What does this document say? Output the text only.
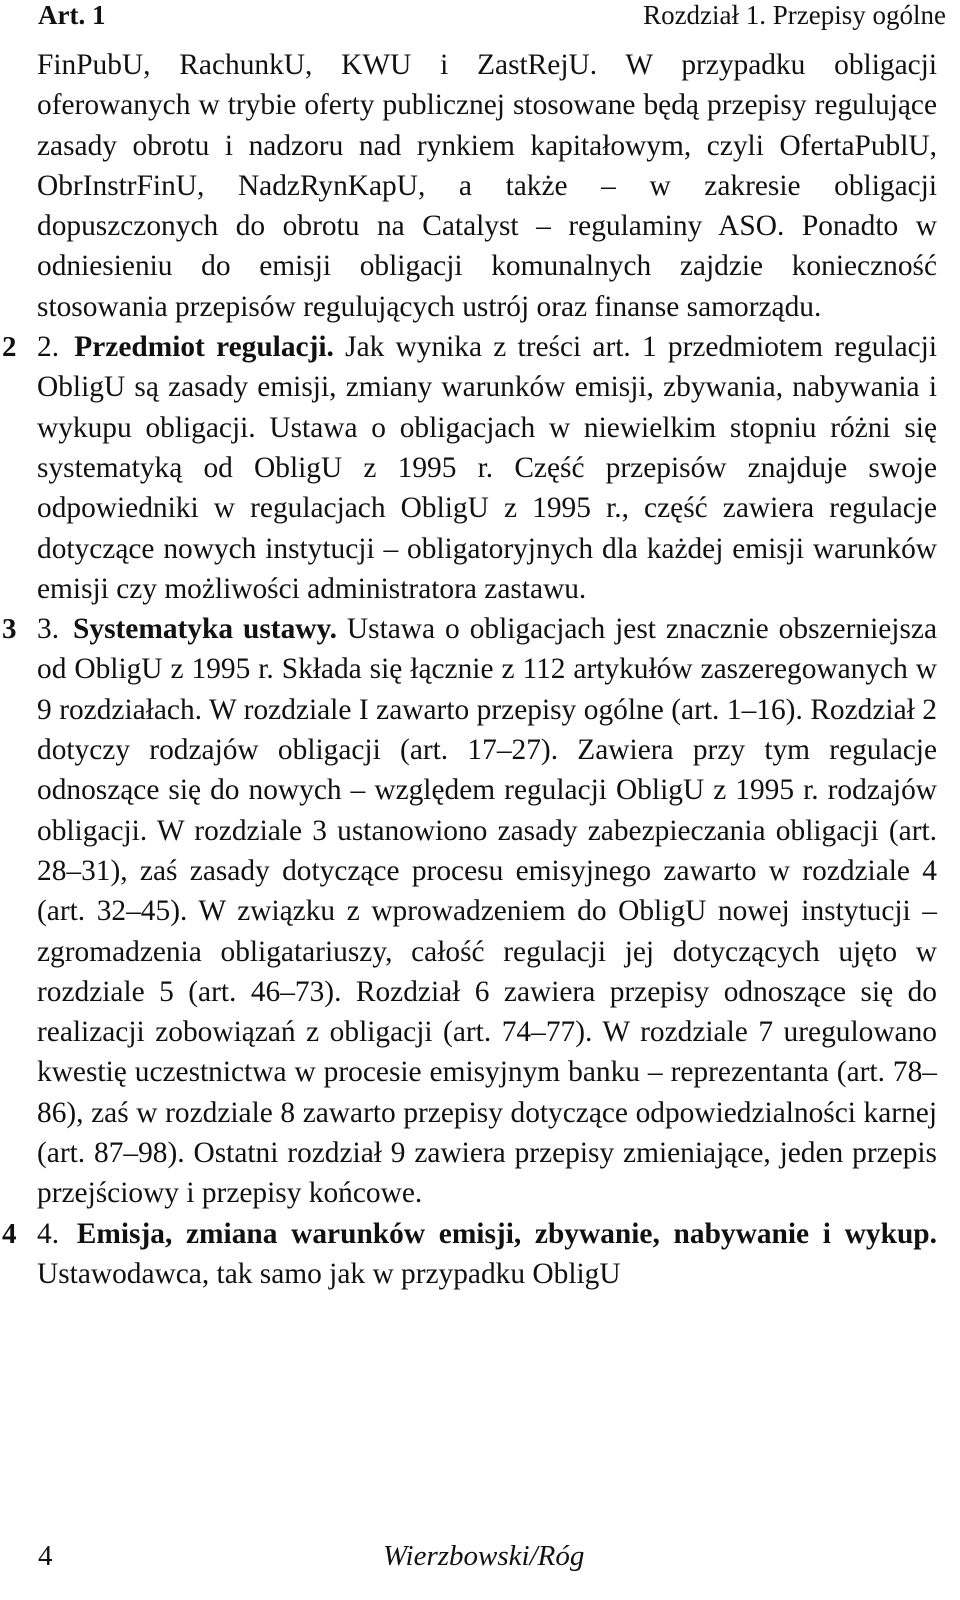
Art. 1	Rozdział 1. Przepisy ogólne

FinPubU, RachunkU, KWU i ZastRejU. W przypadku obligacji oferowanych w trybie oferty publicznej stosowane będą przepisy regulujące zasady obrotu i nadzoru nad rynkiem kapitałowym, czyli OfertaPublU, ObrInstrFinU, NadzRynKapU, a także – w zakresie obligacji dopuszczonych do obrotu na Catalyst – regulaminy ASO. Ponadto w odniesieniu do emisji obligacji komunalnych zajdzie konieczność stosowania przepisów regulujących ustrój oraz finanse samorządu.

2 2. Przedmiot regulacji. Jak wynika z treści art. 1 przedmiotem regulacji ObligU są zasady emisji, zmiany warunków emisji, zbywania, nabywania i wykupu obligacji. Ustawa o obligacjach w niewielkim stopniu różni się systematyką od ObligU z 1995 r. Część przepisów znajduje swoje odpowiedniki w regulacjach ObligU z 1995 r., część zawiera regulacje dotyczące nowych instytucji – obligatoryjnych dla każdej emisji warunków emisji czy możliwości administratora zastawu.

3 3. Systematyka ustawy. Ustawa o obligacjach jest znacznie obszerniejsza od ObligU z 1995 r. Składa się łącznie z 112 artykułów zaszeregowanych w 9 rozdziałach. W rozdziale I zawarto przepisy ogólne (art. 1–16). Rozdział 2 dotyczy rodzajów obligacji (art. 17–27). Zawiera przy tym regulacje odnoszące się do nowych – względem regulacji ObligU z 1995 r. rodzajów obligacji. W rozdziale 3 ustanowiono zasady zabezpieczania obligacji (art. 28–31), zaś zasady dotyczące procesu emisyjnego zawarto w rozdziale 4 (art. 32–45). W związku z wprowadzeniem do ObligU nowej instytucji – zgromadzenia obligatariuszy, całość regulacji jej dotyczących ujęto w rozdziale 5 (art. 46–73). Rozdział 6 zawiera przepisy odnoszące się do realizacji zobowiązań z obligacji (art. 74–77). W rozdziale 7 uregulowano kwestię uczestnictwa w procesie emisyjnym banku – reprezentanta (art. 78–86), zaś w rozdziale 8 zawarto przepisy dotyczące odpowiedzialności karnej (art. 87–98). Ostatni rozdział 9 zawiera przepisy zmieniające, jeden przepis przejściowy i przepisy końcowe.

4 4. Emisja, zmiana warunków emisji, zbywanie, nabywanie i wykup. Ustawodawca, tak samo jak w przypadku ObligU

4	Wierzbowski/Róg
